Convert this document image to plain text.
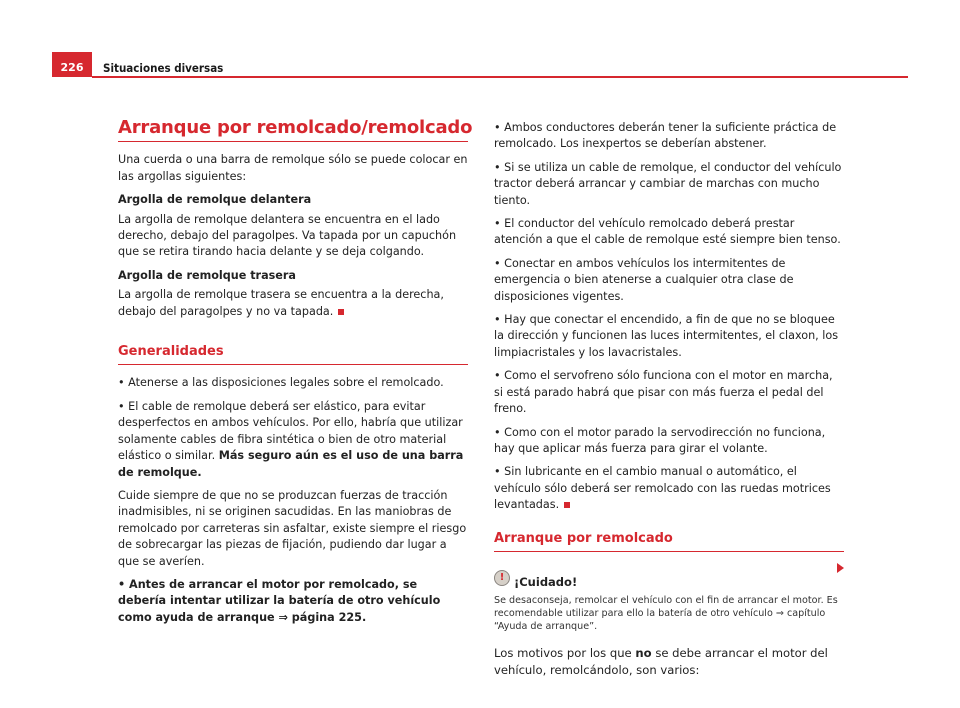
226	Situaciones diversas
Arranque por remolcado/remolcado

Una cuerda o una barra de remolque sólo se puede colocar en las argollas siguientes:

Argolla de remolque delantera

La argolla de remolque delantera se encuentra en el lado derecho, debajo del paragolpes. Va tapada por un capuchón que se retira tirando hacia delante y se deja colgando.

Argolla de remolque trasera

La argolla de remolque trasera se encuentra a la derecha, debajo del paragolpes y no va tapada.

Generalidades

• Atenerse a las disposiciones legales sobre el remolcado.

• El cable de remolque deberá ser elástico, para evitar desperfectos en ambos vehículos. Por ello, habría que utilizar solamente cables de fibra sintética o bien de otro material elástico o similar. Más seguro aún es el uso de una barra de remolque.

Cuide siempre de que no se produzcan fuerzas de tracción inadmisibles, ni se originen sacudidas. En las maniobras de remolcado por carreteras sin asfaltar, existe siempre el riesgo de sobrecargar las piezas de fijación, pudiendo dar lugar a que se averíen.

• Antes de arrancar el motor por remolcado, se debería intentar utilizar la batería de otro vehículo como ayuda de arranque ⇒ página 225.

• Ambos conductores deberán tener la suficiente práctica de remolcado. Los inexpertos se deberían abstener.

• Si se utiliza un cable de remolque, el conductor del vehículo tractor deberá arrancar y cambiar de marchas con mucho tiento.

• El conductor del vehículo remolcado deberá prestar atención a que el cable de remolque esté siempre bien tenso.

• Conectar en ambos vehículos los intermitentes de emergencia o bien atenerse a cualquier otra clase de disposiciones vigentes.

• Hay que conectar el encendido, a fin de que no se bloquee la dirección y funcionen las luces intermitentes, el claxon, los limpiacristales y los lavacristales.

• Como el servofreno sólo funciona con el motor en marcha, si está parado habrá que pisar con más fuerza el pedal del freno.

• Como con el motor parado la servodirección no funciona, hay que aplicar más fuerza para girar el volante.

• Sin lubricante en el cambio manual o automático, el vehículo sólo deberá ser remolcado con las ruedas motrices levantadas.

Arranque por remolcado
! ¡Cuidado!

Se desaconseja, remolcar el vehículo con el fin de arrancar el motor. Es recomendable utilizar para ello la batería de otro vehículo ⇒ capítulo “Ayuda de arranque”.

Los motivos por los que no se debe arrancar el motor del vehículo, remolcándolo, son varios:
